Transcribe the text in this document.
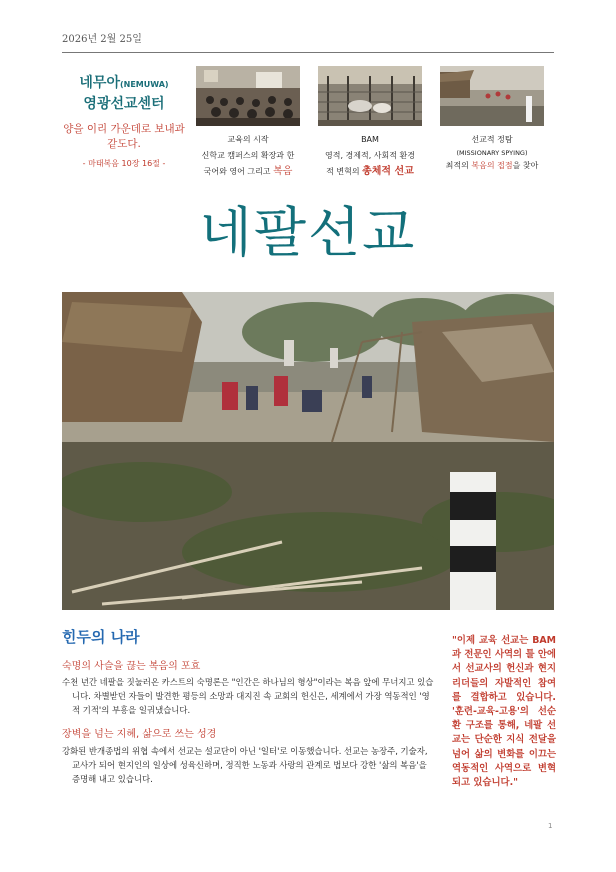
2026년 2월 25일
네무아(NEMUWA)
영광선교센터
양을 이리 가운데로 보내과 같도다.
- 마태복음 10장 16절 -
교육의 시작
신학교 캠퍼스의 확장과 한
국어와 영어 그리고 복음
BAM
영적, 경제적, 사회적 환경
적 변혁의 총체적 선교
선교적 정탐
(MISSIONARY SPYING)
최적의 복음의 접점을 찾아
네팔선교
힌두의 나라
숙명의 사슬을 끊는 복음의 포효
수천 년간 네팔을 짓눌러온 카스트의 숙명론은 "인간은 하나님의 형상"이라는 복음 앞에 무너지고 있습니다. 차별받던 자들이 발견한 평등의 소망과 대지진 속 교회의 헌신은, 세계에서 가장 역동적인 '영적 기적'의 부흥을 일궈냈습니다.
장벽을 넘는 지혜, 삶으로 쓰는 성경
강화된 반개종법의 위협 속에서 선교는 설교단이 아닌 '일터'로 이동했습니다. 선교는 농장주, 기술자, 교사가 되어 현지인의 일상에 성육신하며, 정직한 노동과 사랑의 관계로 법보다 강한 '삶의 복음'을 증명해 내고 있습니다.
"이제 교육 선교는 BAM과 전문인 사역의 틀 안에서 선교사의 헌신과 현지 리더들의 자발적인 참여를 결합하고 있습니다. '훈련-교육-고용'의 선순환 구조를 통해, 네팔 선교는 단순한 지식 전달을 넘어 삶의 변화를 이끄는 역동적인 사역으로 변혁되고 있습니다."
1
